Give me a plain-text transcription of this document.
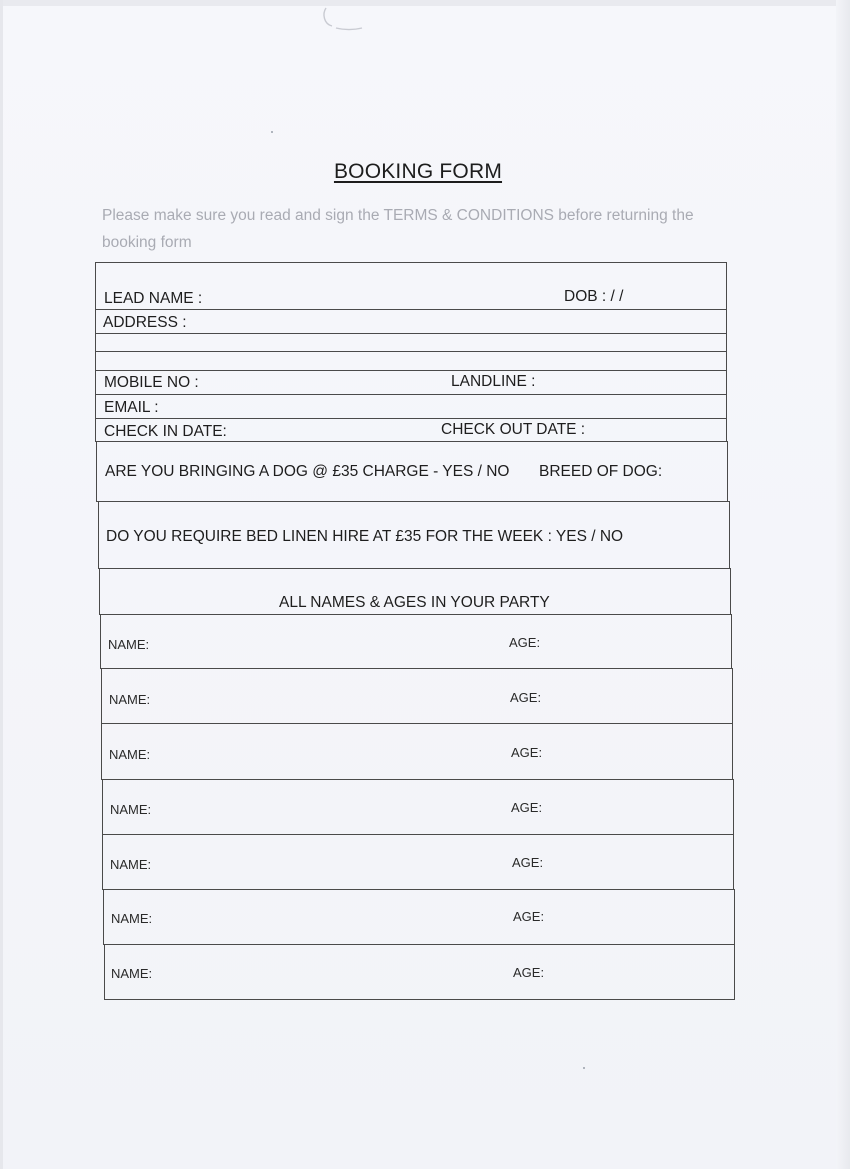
BOOKING FORM
Please make sure you read and sign the TERMS & CONDITIONS before returning the booking form
LEAD NAME :	DOB : / /
ADDRESS :
MOBILE NO :	LANDLINE :
EMAIL :
CHECK IN DATE:	CHECK OUT DATE :
ARE YOU BRINGING A DOG @ £35 CHARGE - YES / NO BREED OF DOG:
DO YOU REQUIRE BED LINEN HIRE AT £35 FOR THE WEEK : YES / NO
ALL NAMES & AGES IN YOUR PARTY
NAME:	AGE:
NAME:	AGE:
NAME:	AGE:
NAME:	AGE:
NAME:	AGE:
NAME:	AGE:
NAME:	AGE:
